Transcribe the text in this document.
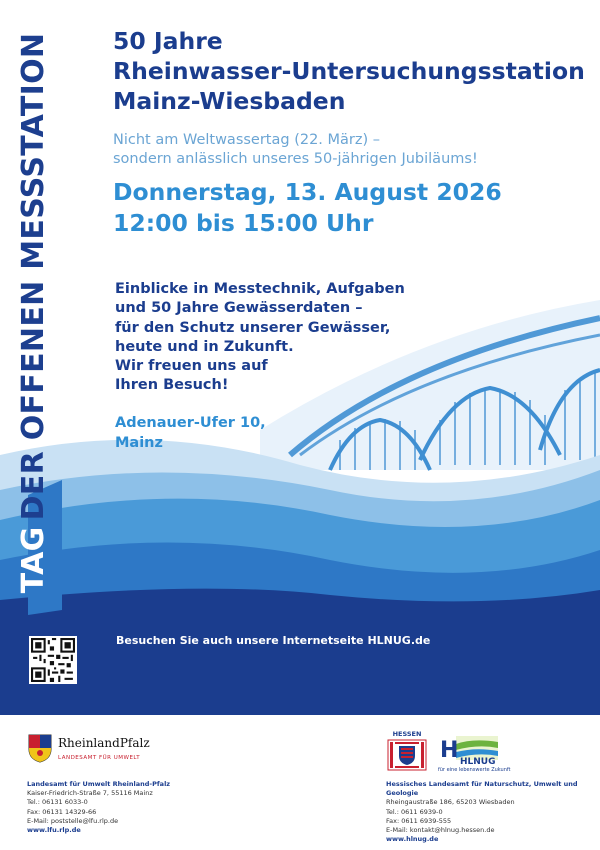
TAG
DER OFFENEN MESSSTATION	50 Jahre
Rheinwasser-Untersuchungsstation
Mainz-Wiesbaden
Nicht am Weltwassertag (22. März) –
sondern anlässlich unseres 50-jährigen Jubiläums!
Donnerstag, 13. August 2026
12:00 bis 15:00 Uhr
Einblicke in Messtechnik, Aufgaben
und 50 Jahre Gewässerdaten –
für den Schutz unserer Gewässer,
heute und in Zukunft.
Wir freuen uns auf
Ihren Besuch!
Adenauer-Ufer 10,
Mainz
Besuchen Sie auch unsere Internetseite HLNUG.de
RheinlandPfalz
LANDESAMT FÜR UMWELT
Landesamt für Umwelt Rheinland-Pfalz
Kaiser-Friedrich-Straße 7, 55116 Mainz
Tel.: 06131 6033-0
Fax: 06131 14329-66
E-Mail: poststelle@lfu.rlp.de
www.lfu.rlp.de
HESSEN
H HLNUG
für eine lebenswerte Zukunft
Hessisches Landesamt für Naturschutz, Umwelt und Geologie
Rheingaustraße 186, 65203 Wiesbaden
Tel.: 0611 6939-0
Fax: 0611 6939-555
E-Mail: kontakt@hlnug.hessen.de
www.hlnug.de
